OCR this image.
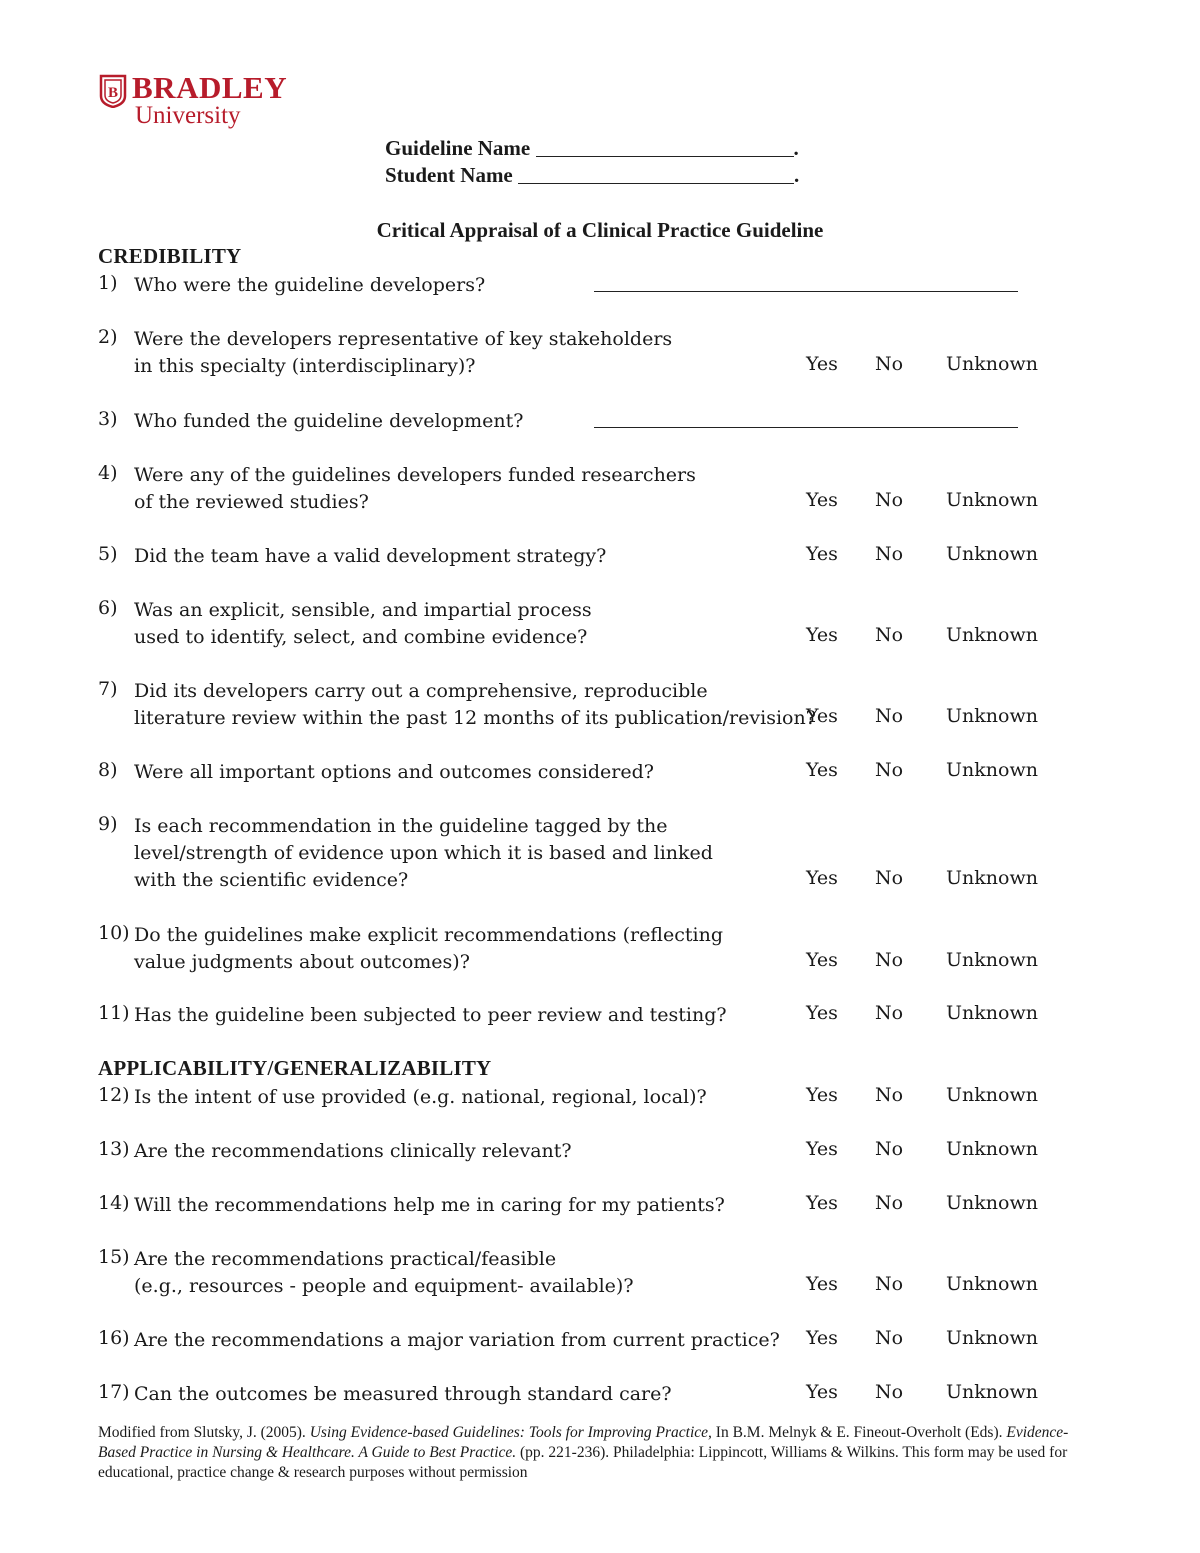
B BRADLEY
University
Guideline Name	.
Student Name	.
Critical Appraisal of a Clinical Practice Guideline
CREDIBILITY
APPLICABILITY/GENERALIZABILITY
1) Who were the guideline developers?
2) Were the developers representative of key stakeholders
in this specialty (interdisciplinary)?	Yes No Unknown
3) Who funded the guideline development?
4) Were any of the guidelines developers funded researchers
of the reviewed studies?	Yes No Unknown
5) Did the team have a valid development strategy?	Yes No Unknown
6) Was an explicit, sensible, and impartial process
used to identify, select, and combine evidence?	Yes No Unknown
7) Did its developers carry out a comprehensive, reproducible
literature review within the past 12 months of its publication/revision?
Yes No Unknown
8) Were all important options and outcomes considered?	Yes No Unknown
9) Is each recommendation in the guideline tagged by the
level/strength of evidence upon which it is based and linked
with the scientific evidence?	Yes No Unknown
10) Do the guidelines make explicit recommendations (reflecting
value judgments about outcomes)?	Yes No Unknown
11) Has the guideline been subjected to peer review and testing?	Yes No Unknown
12) Is the intent of use provided (e.g. national, regional, local)?	Yes No Unknown
13) Are the recommendations clinically relevant?	Yes No Unknown
14) Will the recommendations help me in caring for my patients?	Yes No Unknown
15) Are the recommendations practical/feasible
(e.g., resources - people and equipment- available)?	Yes No Unknown
16) Are the recommendations a major variation from current practice? Yes No Unknown
17) Can the outcomes be measured through standard care?	Yes No Unknown
Modified from Slutsky, J. (2005). Using Evidence-based Guidelines: Tools for Improving Practice, In B.M. Melnyk & E. Fineout-Overholt (Eds). Evidence-Based Practice in Nursing & Healthcare. A Guide to Best Practice. (pp. 221-236). Philadelphia: Lippincott, Williams & Wilkins. This form may be used for educational, practice change & research purposes without permission
